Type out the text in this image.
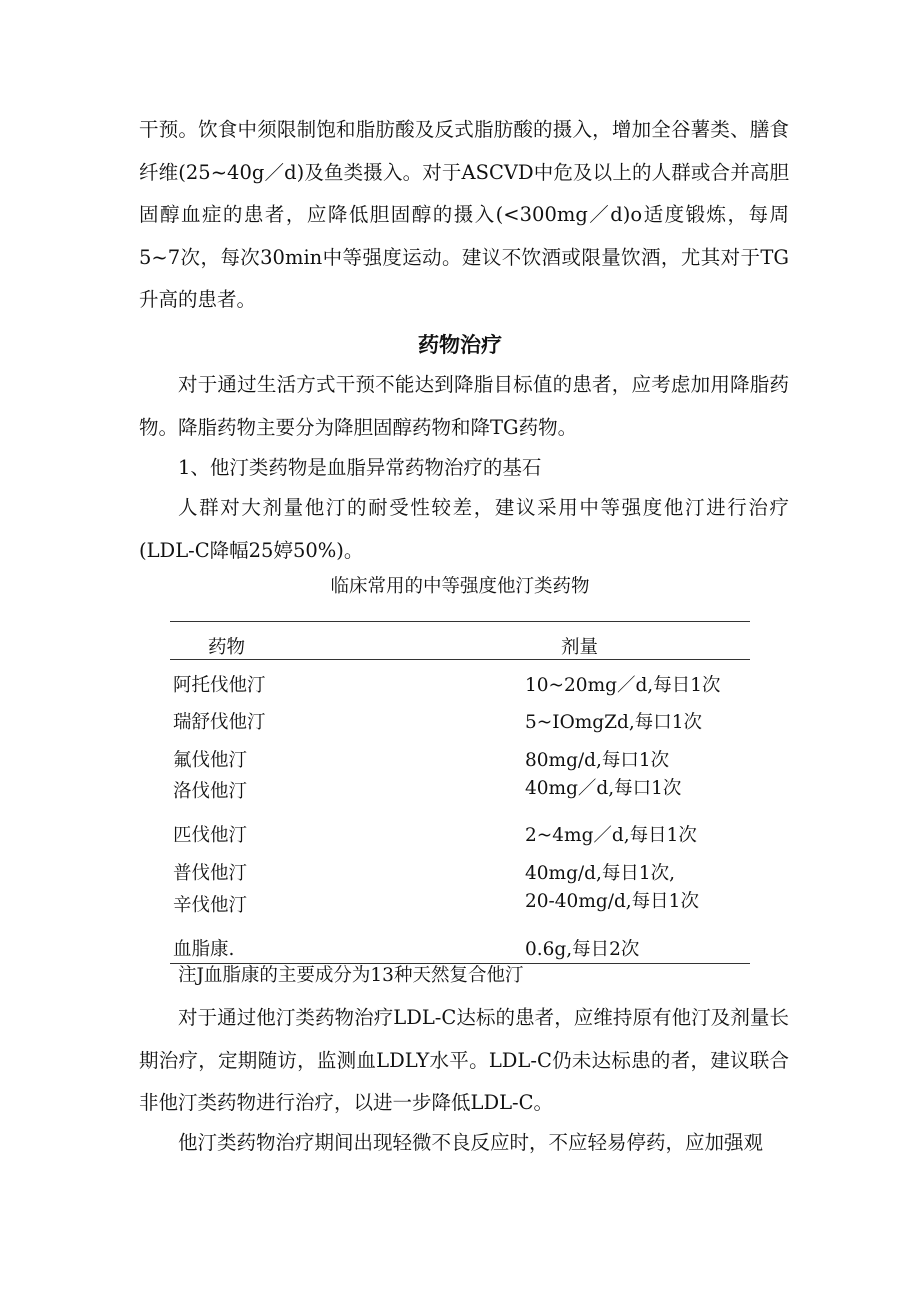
干预。饮食中须限制饱和脂肪酸及反式脂肪酸的摄入，增加全谷薯类、膳食纤维(25~40g／d)及鱼类摄入。对于ASCVD中危及以上的人群或合并高胆固醇血症的患者，应降低胆固醇的摄入(<300mg／d)o适度锻炼，每周5~7次，每次30min中等强度运动。建议不饮酒或限量饮酒，尤其对于TG升高的患者。

药物治疗

对于通过生活方式干预不能达到降脂目标值的患者，应考虑加用降脂药物。降脂药物主要分为降胆固醇药物和降TG药物。

1、他汀类药物是血脂异常药物治疗的基石

人群对大剂量他汀的耐受性较差，建议采用中等强度他汀进行治疗(LDL-C降幅25婷50%)。

临床常用的中等强度他汀类药物
药物	剂量
阿托伐他汀	10~20mg／d,每日1次
瑞舒伐他汀	5~IOmgZd,每口1次
氟伐他汀	80mg/d,每口1次
洛伐他汀	40mg／d,每口1次
匹伐他汀	2~4mg／d,每日1次
普伐他汀	40mg/d,每日1次,
辛伐他汀	20-40mg/d,每日1次
血脂康.	0.6g,每日2次
注J血脂康的主要成分为13种天然复合他汀

对于通过他汀类药物治疗LDL-C达标的患者，应维持原有他汀及剂量长期治疗，定期随访，监测血LDLY水平。LDL-C仍未达标患的者，建议联合非他汀类药物进行治疗，以进一步降低LDL-C。

他汀类药物治疗期间出现轻微不良反应时，不应轻易停药，应加强观
